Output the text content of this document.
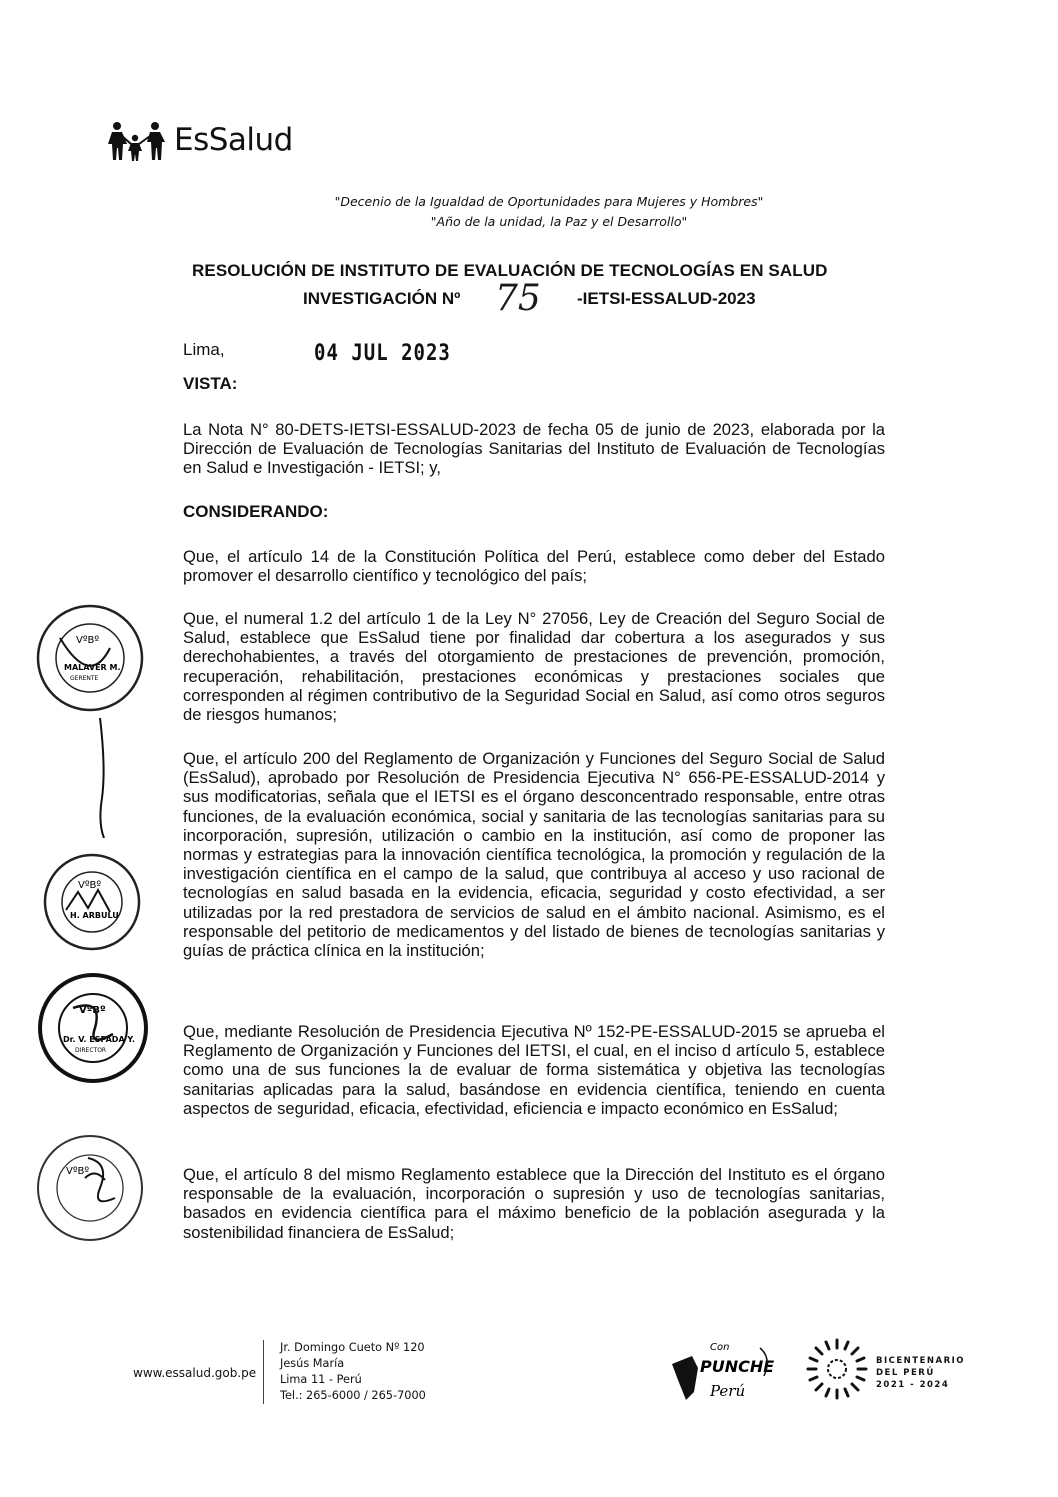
EsSalud
"Decenio de la Igualdad de Oportunidades para Mujeres y Hombres"
"Año de la unidad, la Paz y el Desarrollo"
RESOLUCIÓN DE INSTITUTO DE EVALUACIÓN DE TECNOLOGÍAS EN SALUD
INVESTIGACIÓN Nº 75 -IETSI-ESSALUD-2023
Lima,	04 JUL 2023
VISTA:
La Nota N° 80-DETS-IETSI-ESSALUD-2023 de fecha 05 de junio de 2023, elaborada por la Dirección de Evaluación de Tecnologías Sanitarias del Instituto de Evaluación de Tecnologías en Salud e Investigación - IETSI; y,
CONSIDERANDO:
Que, el artículo 14 de la Constitución Política del Perú, establece como deber del Estado promover el desarrollo científico y tecnológico del país;
Que, el numeral 1.2 del artículo 1 de la Ley N° 27056, Ley de Creación del Seguro Social de Salud, establece que EsSalud tiene por finalidad dar cobertura a los asegurados y sus derechohabientes, a través del otorgamiento de prestaciones de prevención, promoción, recuperación, rehabilitación, prestaciones económicas y prestaciones sociales que corresponden al régimen contributivo de la Seguridad Social en Salud, así como otros seguros de riesgos humanos;
Que, el artículo 200 del Reglamento de Organización y Funciones del Seguro Social de Salud (EsSalud), aprobado por Resolución de Presidencia Ejecutiva N° 656-PE-ESSALUD-2014 y sus modificatorias, señala que el IETSI es el órgano desconcentrado responsable, entre otras funciones, de la evaluación económica, social y sanitaria de las tecnologías sanitarias para su incorporación, supresión, utilización o cambio en la institución, así como de proponer las normas y estrategias para la innovación científica tecnológica, la promoción y regulación de la investigación científica en el campo de la salud, que contribuya al acceso y uso racional de tecnologías en salud basada en la evidencia, eficacia, seguridad y costo efectividad, a ser utilizadas por la red prestadora de servicios de salud en el ámbito nacional. Asimismo, es el responsable del petitorio de medicamentos y del listado de bienes de tecnologías sanitarias y guías de práctica clínica en la institución;
Que, mediante Resolución de Presidencia Ejecutiva Nº 152-PE-ESSALUD-2015 se aprueba el Reglamento de Organización y Funciones del IETSI, el cual, en el inciso d artículo 5, establece como una de sus funciones la de evaluar de forma sistemática y objetiva las tecnologías sanitarias aplicadas para la salud, basándose en evidencia científica, teniendo en cuenta aspectos de seguridad, eficacia, efectividad, eficiencia e impacto económico en EsSalud;
Que, el artículo 8 del mismo Reglamento establece que la Dirección del Instituto es el órgano responsable de la evaluación, incorporación o supresión y uso de tecnologías sanitarias, basados en evidencia científica para el máximo beneficio de la población asegurada y la sostenibilidad financiera de EsSalud;
VºBº
MALAVER M.
GERENTE
VºBº
H. ARBULU
VºBº
Dr. V. ESPADA Y.
DIRECTOR
VºBº
www.essalud.gob.pe
Jr. Domingo Cueto Nº 120
Jesús María
Lima 11 - Perú
Tel.: 265-6000 / 265-7000
Con
PUNCHE
Perú
BICENTENARIO
DEL PERÚ
2021 - 2024
